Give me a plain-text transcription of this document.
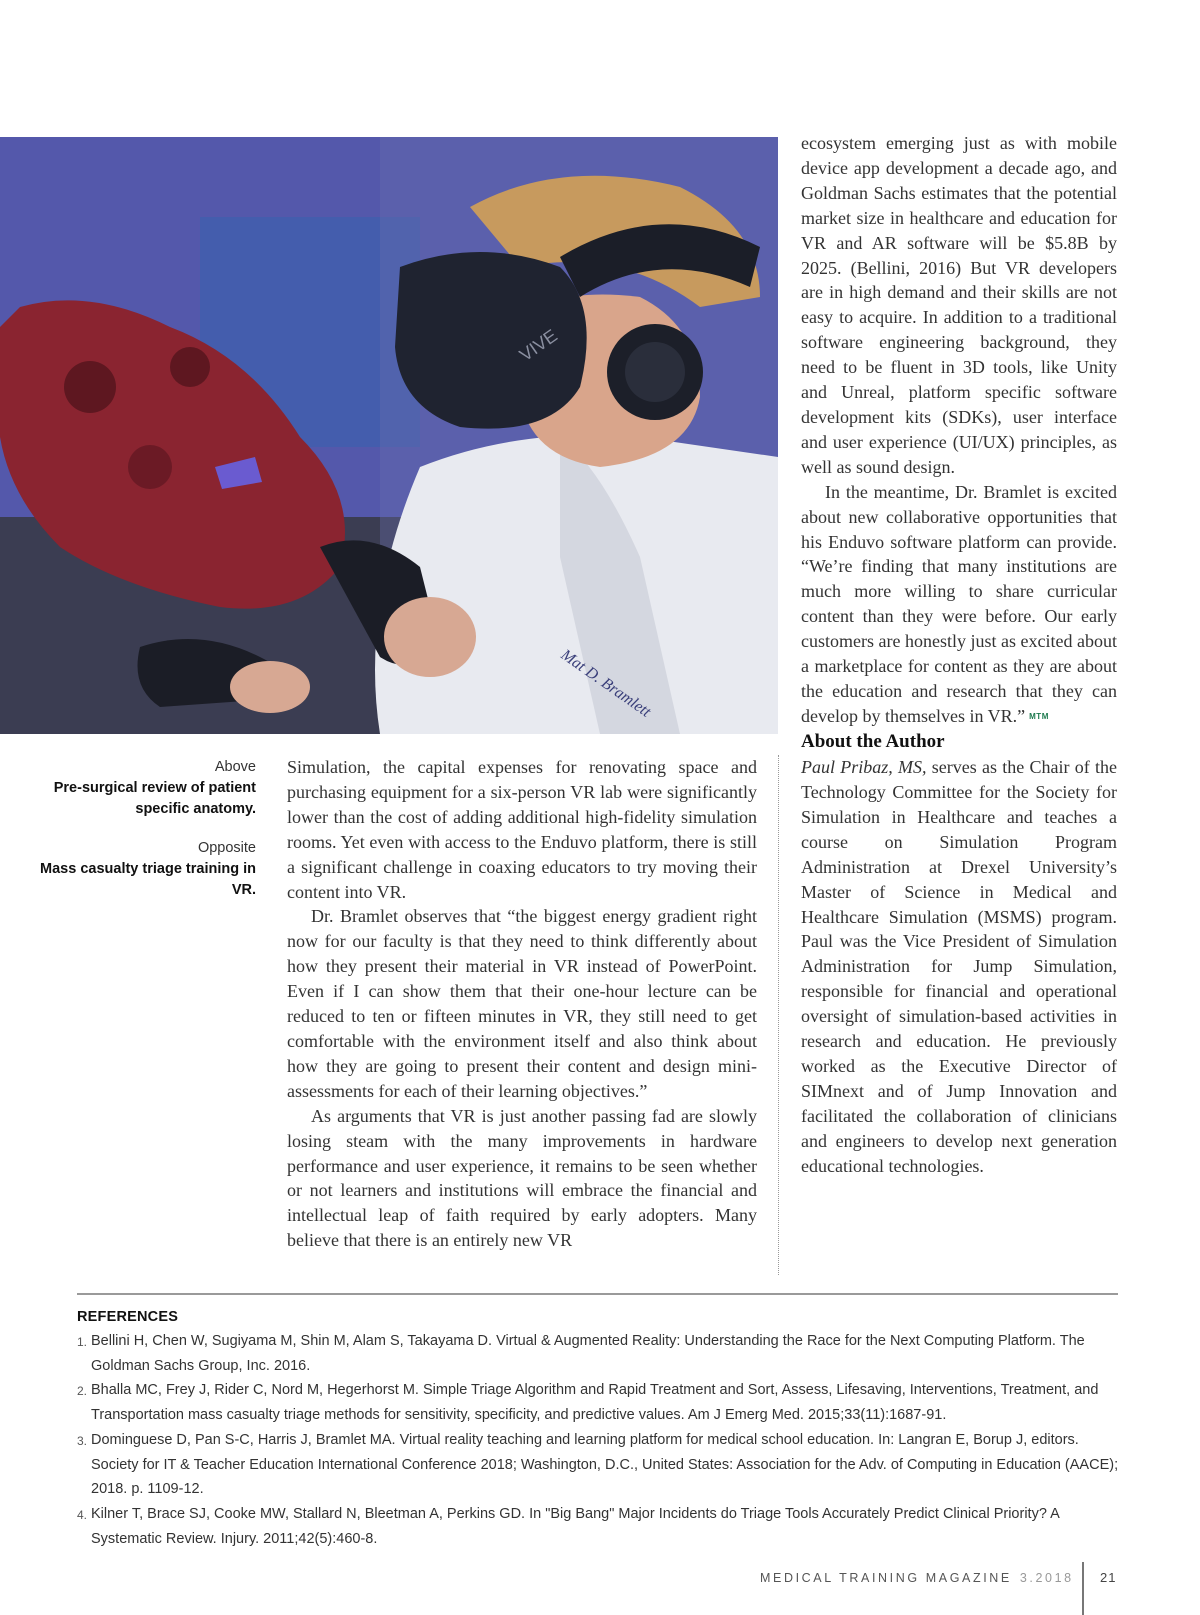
VIVE
Mat D. Bramlett
Above
Pre-surgical review of patient specific anatomy.
Opposite
Mass casualty triage training in VR.

Simulation, the capital expenses for renovating space and purchasing equipment for a six-person VR lab were significantly lower than the cost of adding additional high-fidelity simulation rooms. Yet even with access to the Enduvo platform, there is still a significant challenge in coaxing educators to try moving their content into VR.

Dr. Bramlet observes that “the biggest energy gradient right now for our faculty is that they need to think differently about how they present their material in VR instead of PowerPoint. Even if I can show them that their one-hour lecture can be reduced to ten or fifteen minutes in VR, they still need to get comfortable with the environment itself and also think about how they are going to present their content and design mini-assessments for each of their learning objectives.”

As arguments that VR is just another passing fad are slowly losing steam with the many improvements in hardware performance and user experience, it remains to be seen whether or not learners and institutions will embrace the financial and intellectual leap of faith required by early adopters. Many believe that there is an entirely new VR

ecosystem emerging just as with mobile device app development a decade ago, and Goldman Sachs estimates that the potential market size in healthcare and education for VR and AR software will be $5.8B by 2025. (Bellini, 2016) But VR developers are in high demand and their skills are not easy to acquire. In addition to a traditional software engineering background, they need to be fluent in 3D tools, like Unity and Unreal, platform specific software development kits (SDKs), user interface and user experience (UI/UX) principles, as well as sound design.

In the meantime, Dr. Bramlet is excited about new collaborative opportunities that his Enduvo software platform can provide. “We’re finding that many institutions are much more willing to share curricular content than they were before. Our early customers are honestly just as excited about a marketplace for content as they are about the education and research that they can develop by themselves in VR.” MTM

About the Author

Paul Pribaz, MS, serves as the Chair of the Technology Committee for the Society for Simulation in Healthcare and teaches a course on Simulation Program Administration at Drexel University’s Master of Science in Medical and Healthcare Simulation (MSMS) program. Paul was the Vice President of Simulation Administration for Jump Simulation, responsible for financial and operational oversight of simulation-based activities in research and education. He previously worked as the Executive Director of SIMnext and of Jump Innovation and facilitated the collaboration of clinicians and engineers to develop next generation educational technologies.

REFERENCES
1. Bellini H, Chen W, Sugiyama M, Shin M, Alam S, Takayama D. Virtual & Augmented Reality: Understanding the Race for the Next Computing Platform. The Goldman Sachs Group, Inc. 2016.
2. Bhalla MC, Frey J, Rider C, Nord M, Hegerhorst M. Simple Triage Algorithm and Rapid Treatment and Sort, Assess, Lifesaving, Interventions, Treatment, and Transportation mass casualty triage methods for sensitivity, specificity, and predictive values. Am J Emerg Med. 2015;33(11):1687-91.
3. Dominguese D, Pan S-C, Harris J, Bramlet MA. Virtual reality teaching and learning platform for medical school education. In: Langran E, Borup J, editors. Society for IT & Teacher Education International Conference 2018; Washington, D.C., United States: Association for the Adv. of Computing in Education (AACE); 2018. p. 1109-12.
4. Kilner T, Brace SJ, Cooke MW, Stallard N, Bleetman A, Perkins GD. In "Big Bang" Major Incidents do Triage Tools Accurately Predict Clinical Priority? A Systematic Review. Injury. 2011;42(5):460-8.
MEDICAL TRAINING MAGAZINE 3.2018 21
